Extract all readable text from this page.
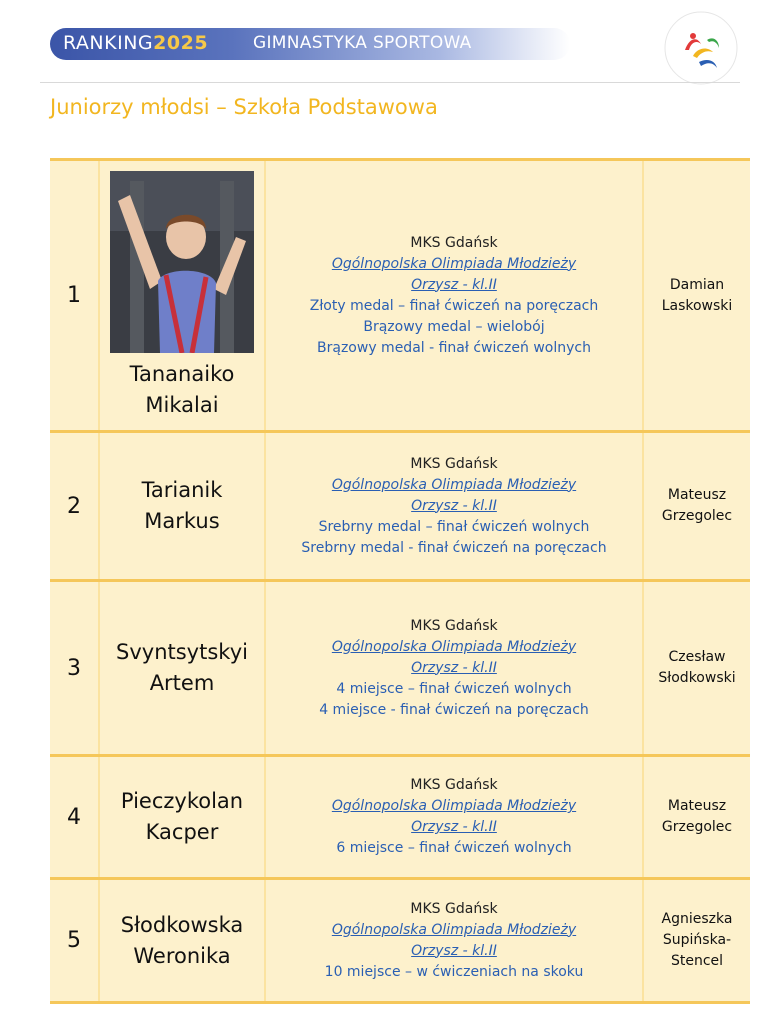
RANKING2025	GIMNASTYKA SPORTOWA
Juniorzy młodsi – Szkoła Podstawowa
1
Tananaiko
Mikalai
MKS Gdańsk
Ogólnopolska Olimpiada Młodzieży
Orzysz - kl.II
Złoty medal – finał ćwiczeń na poręczach
Brązowy medal – wielobój
Brązowy medal - finał ćwiczeń wolnych
Damian
Laskowski
2
Tarianik
Markus
MKS Gdańsk
Ogólnopolska Olimpiada Młodzieży
Orzysz - kl.II
Srebrny medal – finał ćwiczeń wolnych
Srebrny medal - finał ćwiczeń na poręczach
Mateusz
Grzegolec
3
Svyntsytskyi
Artem
MKS Gdańsk
Ogólnopolska Olimpiada Młodzieży
Orzysz - kl.II
4 miejsce – finał ćwiczeń wolnych
4 miejsce - finał ćwiczeń na poręczach
Czesław
Słodkowski
4
Pieczykolan
Kacper
MKS Gdańsk
Ogólnopolska Olimpiada Młodzieży
Orzysz - kl.II
6 miejsce – finał ćwiczeń wolnych
Mateusz
Grzegolec
5
Słodkowska
Weronika
MKS Gdańsk
Ogólnopolska Olimpiada Młodzieży
Orzysz - kl.II
10 miejsce – w ćwiczeniach na skoku
Agnieszka
Supińska-
Stencel
